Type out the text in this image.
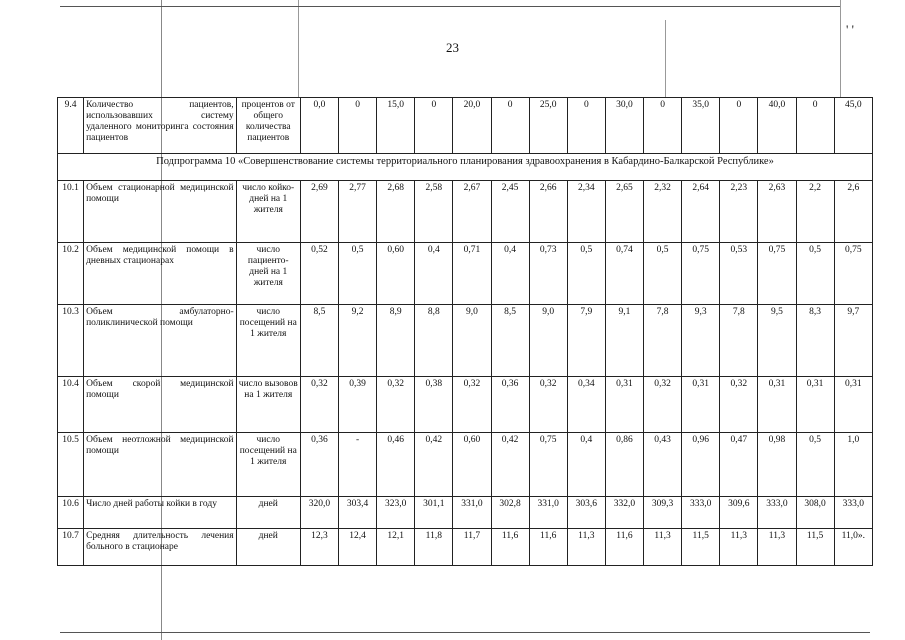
23
' '
9.4	Количество пациентов, использовавших систему удаленного мониторинга состояния пациентов	процентов от общего количества пациентов	0,0	0	15,0	0	20,0	0	25,0	0	30,0	0	35,0	0	40,0	0	45,0
Подпрограмма 10 «Совершенствование системы территориального планирования здравоохранения в Кабардино-Балкарской Республике»																	
10.1	Объем стационарной медицинской помощи	число койко-дней на 1 жителя	2,69	2,77	2,68	2,58	2,67	2,45	2,66	2,34	2,65	2,32	2,64	2,23	2,63	2,2	2,6
10.2	Объем медицинской помощи в дневных стационарах	число пациенто-дней на 1 жителя	0,52	0,5	0,60	0,4	0,71	0,4	0,73	0,5	0,74	0,5	0,75	0,53	0,75	0,5	0,75
10.3	Объем амбулаторно-поликлинической помощи	число посещений на 1 жителя	8,5	9,2	8,9	8,8	9,0	8,5	9,0	7,9	9,1	7,8	9,3	7,8	9,5	8,3	9,7
10.4	Объем скорой медицинской помощи	число вызовов на 1 жителя	0,32	0,39	0,32	0,38	0,32	0,36	0,32	0,34	0,31	0,32	0,31	0,32	0,31	0,31	0,31
10.5	Объем неотложной медицинской помощи	число посещений на 1 жителя	0,36	-	0,46	0,42	0,60	0,42	0,75	0,4	0,86	0,43	0,96	0,47	0,98	0,5	1,0
10.6	Число дней работы койки в году	дней	320,0	303,4	323,0	301,1	331,0	302,8	331,0	303,6	332,0	309,3	333,0	309,6	333,0	308,0	333,0
10.7	Средняя длительность лечения больного в стационаре	дней	12,3	12,4	12,1	11,8	11,7	11,6	11,6	11,3	11,6	11,3	11,5	11,3	11,3	11,5	11,0».
